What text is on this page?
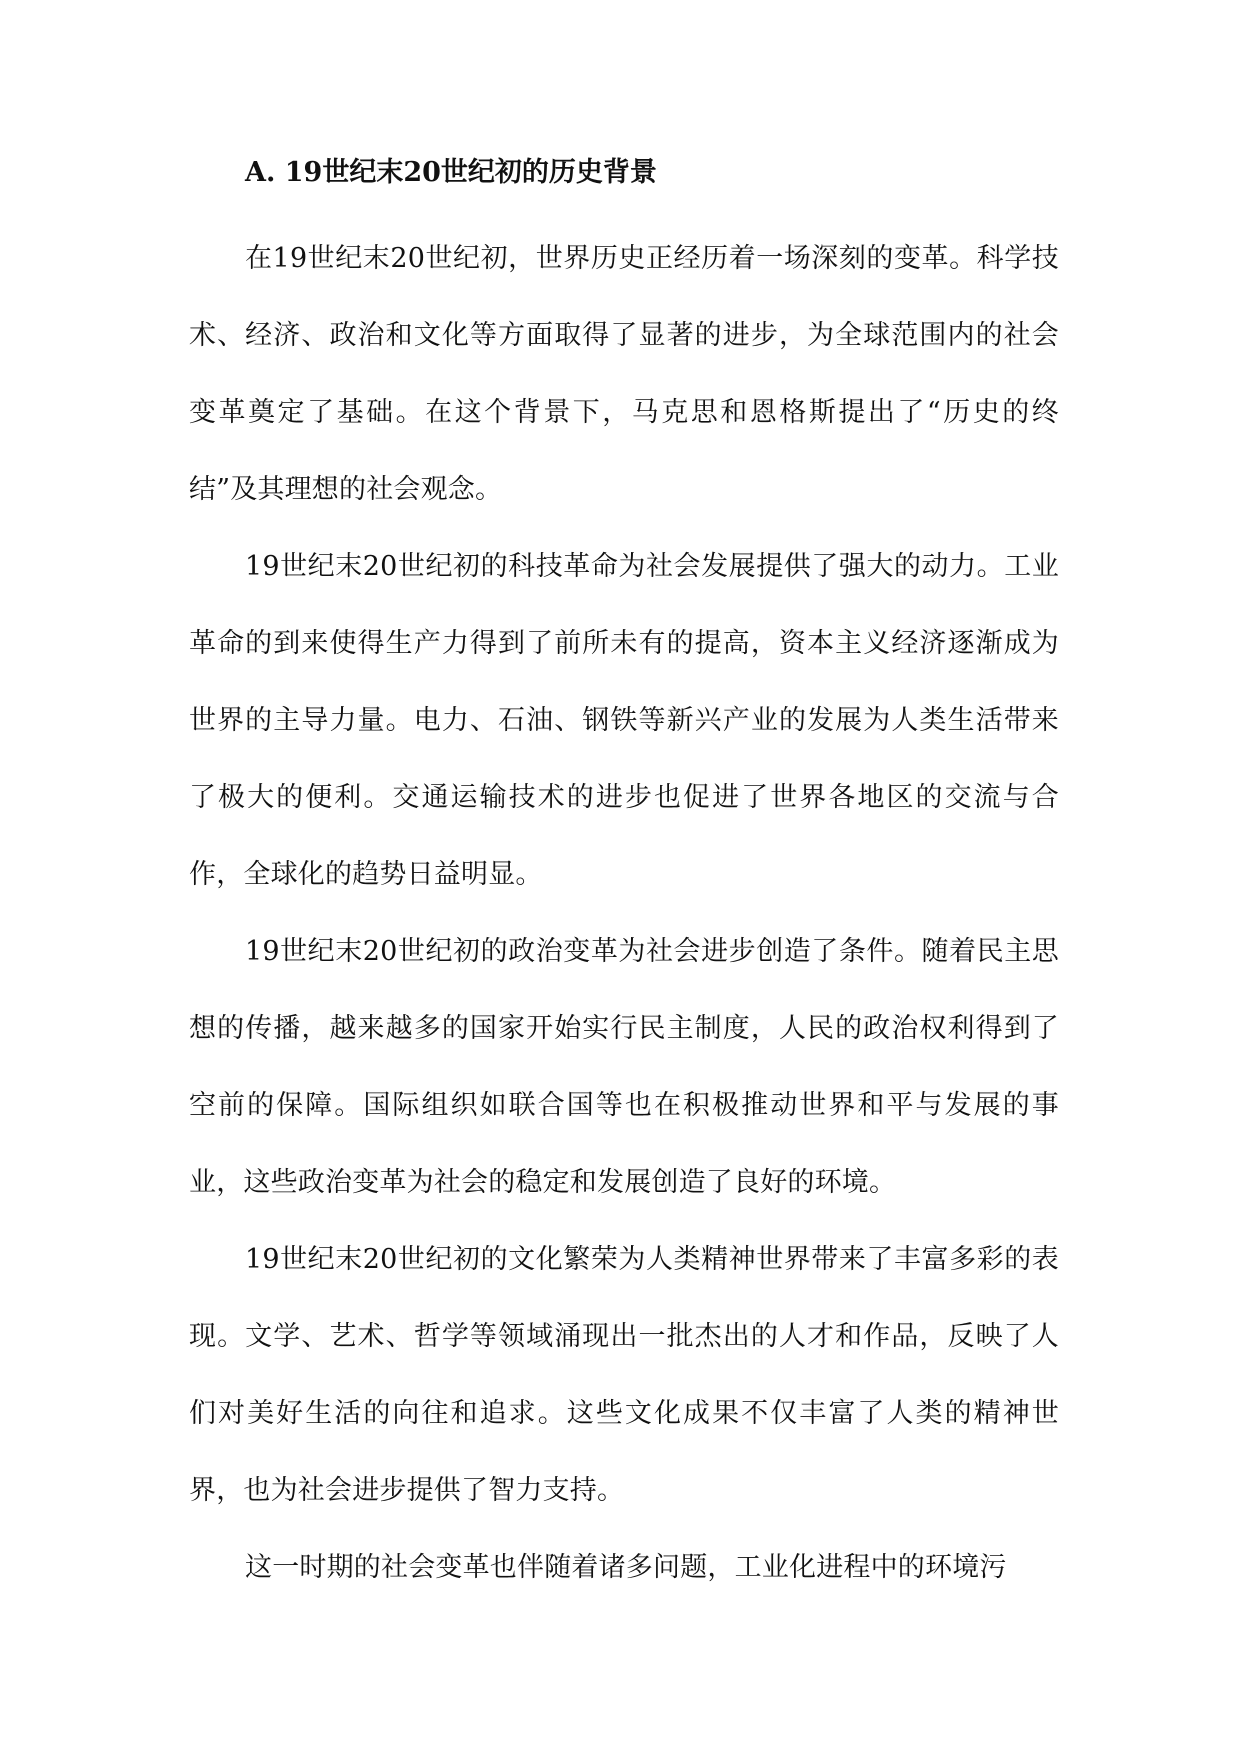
A. 19世纪末20世纪初的历史背景

在19世纪末20世纪初，世界历史正经历着一场深刻的变革。科学技术、经济、政治和文化等方面取得了显著的进步，为全球范围内的社会变革奠定了基础。在这个背景下，马克思和恩格斯提出了“历史的终结”及其理想的社会观念。

19世纪末20世纪初的科技革命为社会发展提供了强大的动力。工业革命的到来使得生产力得到了前所未有的提高，资本主义经济逐渐成为世界的主导力量。电力、石油、钢铁等新兴产业的发展为人类生活带来了极大的便利。交通运输技术的进步也促进了世界各地区的交流与合作，全球化的趋势日益明显。

19世纪末20世纪初的政治变革为社会进步创造了条件。随着民主思想的传播，越来越多的国家开始实行民主制度，人民的政治权利得到了空前的保障。国际组织如联合国等也在积极推动世界和平与发展的事业，这些政治变革为社会的稳定和发展创造了良好的环境。

19世纪末20世纪初的文化繁荣为人类精神世界带来了丰富多彩的表现。文学、艺术、哲学等领域涌现出一批杰出的人才和作品，反映了人们对美好生活的向往和追求。这些文化成果不仅丰富了人类的精神世界，也为社会进步提供了智力支持。

这一时期的社会变革也伴随着诸多问题，工业化进程中的环境污
